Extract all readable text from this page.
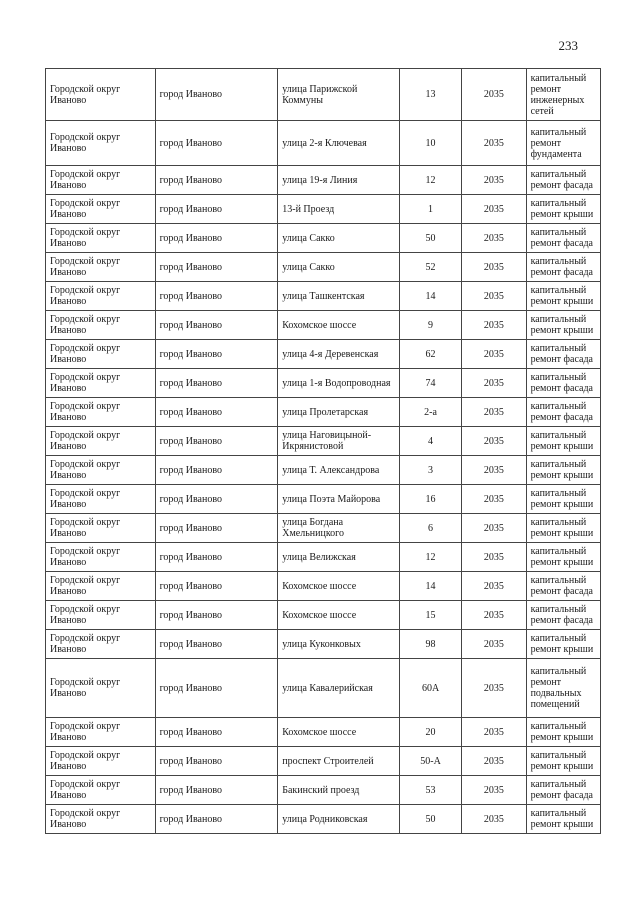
233
Городской округ Иваново	город Иваново	улица Парижской Коммуны	13	2035	капитальный ремонт инженерных сетей
Городской округ Иваново	город Иваново	улица 2-я Ключевая	10	2035	капитальный ремонт фундамента
Городской округ Иваново	город Иваново	улица 19-я Линия	12	2035	капитальный ремонт фасада
Городской округ Иваново	город Иваново	13-й Проезд	1	2035	капитальный ремонт крыши
Городской округ Иваново	город Иваново	улица Сакко	50	2035	капитальный ремонт фасада
Городской округ Иваново	город Иваново	улица Сакко	52	2035	капитальный ремонт фасада
Городской округ Иваново	город Иваново	улица Ташкентская	14	2035	капитальный ремонт крыши
Городской округ Иваново	город Иваново	Кохомское шоссе	9	2035	капитальный ремонт крыши
Городской округ Иваново	город Иваново	улица 4-я Деревенская	62	2035	капитальный ремонт фасада
Городской округ Иваново	город Иваново	улица 1-я Водопроводная	74	2035	капитальный ремонт фасада
Городской округ Иваново	город Иваново	улица Пролетарская	2-а	2035	капитальный ремонт фасада
Городской округ Иваново	город Иваново	улица Наговицыной-Икрянистовой	4	2035	капитальный ремонт крыши
Городской округ Иваново	город Иваново	улица Т. Александрова	3	2035	капитальный ремонт крыши
Городской округ Иваново	город Иваново	улица Поэта Майорова	16	2035	капитальный ремонт крыши
Городской округ Иваново	город Иваново	улица Богдана Хмельницкого	6	2035	капитальный ремонт крыши
Городской округ Иваново	город Иваново	улица Велижская	12	2035	капитальный ремонт крыши
Городской округ Иваново	город Иваново	Кохомское шоссе	14	2035	капитальный ремонт фасада
Городской округ Иваново	город Иваново	Кохомское шоссе	15	2035	капитальный ремонт фасада
Городской округ Иваново	город Иваново	улица Куконковых	98	2035	капитальный ремонт крыши
Городской округ Иваново	город Иваново	улица Кавалерийская	60А	2035	капитальный ремонт подвальных помещений
Городской округ Иваново	город Иваново	Кохомское шоссе	20	2035	капитальный ремонт крыши
Городской округ Иваново	город Иваново	проспект Строителей	50-А	2035	капитальный ремонт крыши
Городской округ Иваново	город Иваново	Бакинский проезд	53	2035	капитальный ремонт фасада
Городской округ Иваново	город Иваново	улица Родниковская	50	2035	капитальный ремонт крыши
